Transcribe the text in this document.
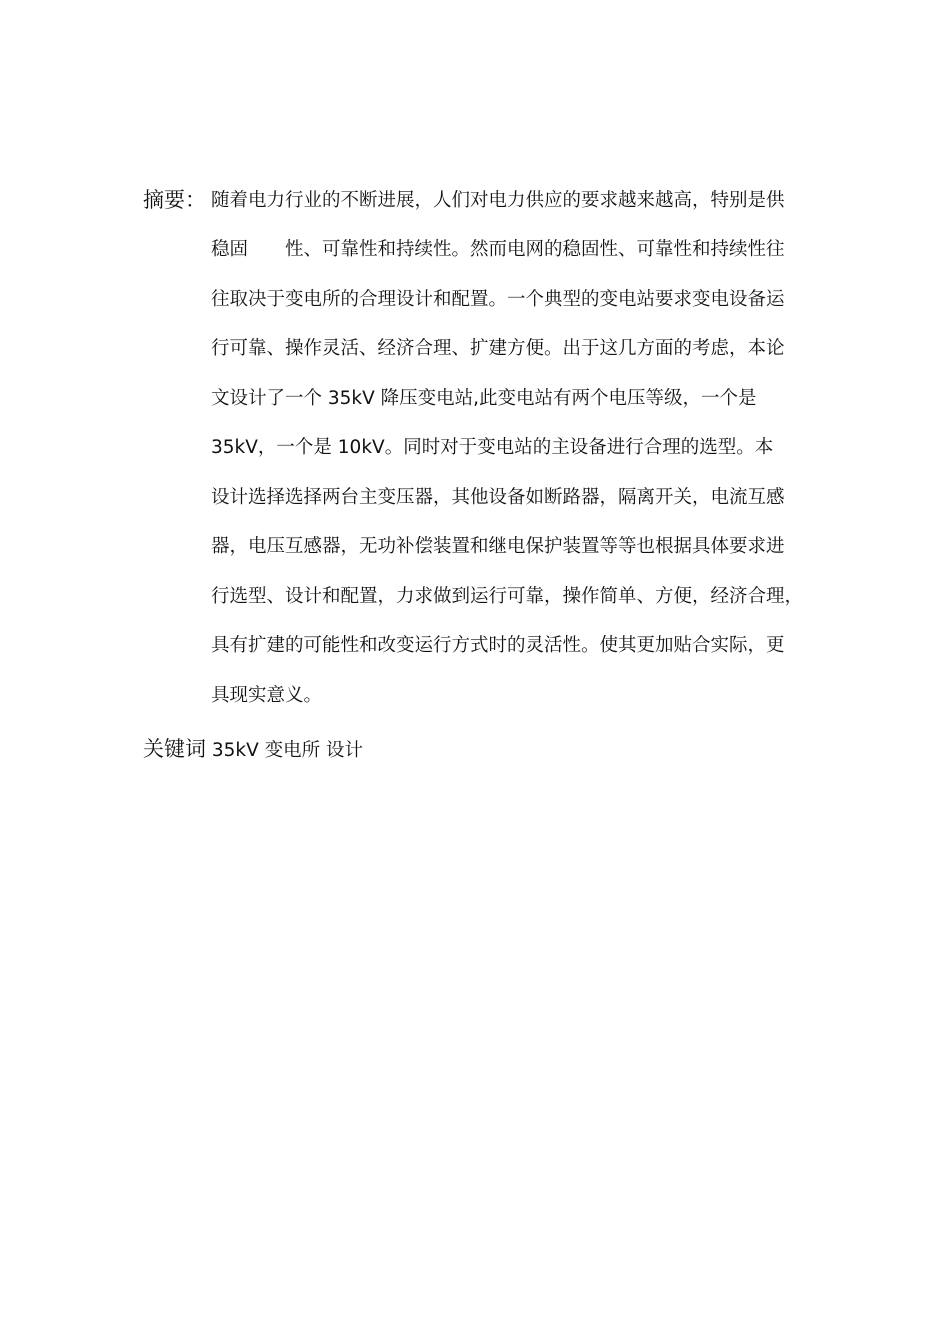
摘要： 随着电力行业的不断进展，人们对电力供应的要求越来越高，特别是供
稳固　　性、可靠性和持续性。然而电网的稳固性、可靠性和持续性往
往取决于变电所的合理设计和配置。一个典型的变电站要求变电设备运
行可靠、操作灵活、经济合理、扩建方便。出于这几方面的考虑，本论
文设计了一个 35kV 降压变电站,此变电站有两个电压等级，一个是
35kV，一个是 10kV。同时对于变电站的主设备进行合理的选型。本
设计选择选择两台主变压器，其他设备如断路器，隔离开关，电流互感
器，电压互感器，无功补偿装置和继电保护装置等等也根据具体要求进
行选型、设计和配置，力求做到运行可靠，操作简单、方便，经济合理，
具有扩建的可能性和改变运行方式时的灵活性。使其更加贴合实际，更
具现实意义。
关键词 35kV 变电所 设计
